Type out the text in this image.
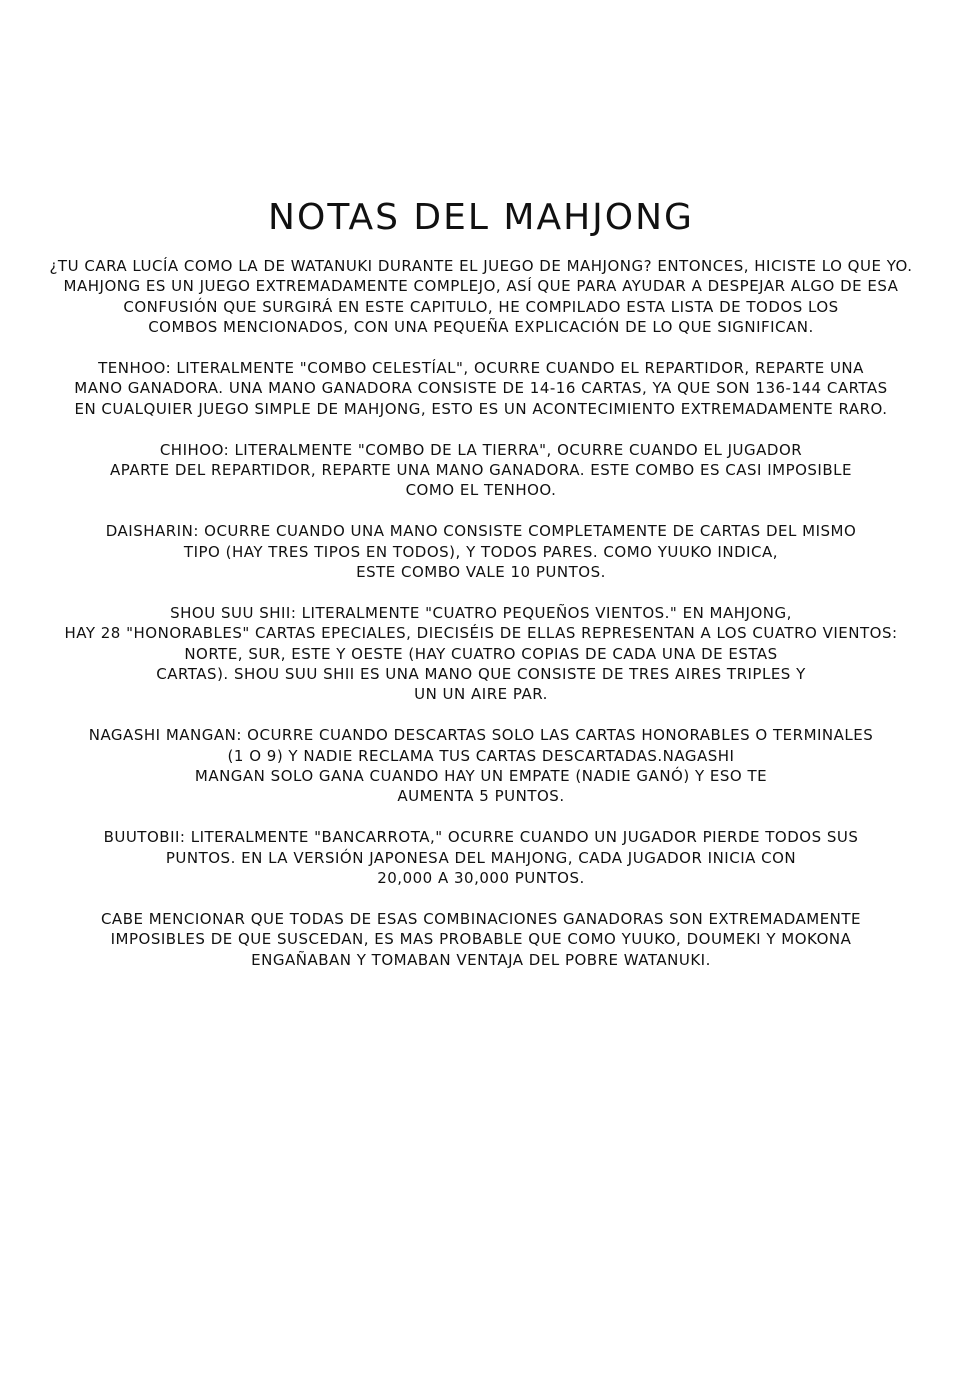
NOTAS DEL MAHJONG

¿TU CARA LUCÍA COMO LA DE WATANUKI DURANTE EL JUEGO DE MAHJONG? ENTONCES, HICISTE LO QUE YO.
MAHJONG ES UN JUEGO EXTREMADAMENTE COMPLEJO, ASÍ QUE PARA AYUDAR A DESPEJAR ALGO DE ESA
CONFUSIÓN QUE SURGIRÁ EN ESTE CAPITULO, HE COMPILADO ESTA LISTA DE TODOS LOS
COMBOS MENCIONADOS, CON UNA PEQUEÑA EXPLICACIÓN DE LO QUE SIGNIFICAN.

TENHOO: LITERALMENTE "COMBO CELESTÍAL", OCURRE CUANDO EL REPARTIDOR, REPARTE UNA
MANO GANADORA. UNA MANO GANADORA CONSISTE DE 14-16 CARTAS, YA QUE SON 136-144 CARTAS
EN CUALQUIER JUEGO SIMPLE DE MAHJONG, ESTO ES UN ACONTECIMIENTO EXTREMADAMENTE RARO.

CHIHOO: LITERALMENTE "COMBO DE LA TIERRA", OCURRE CUANDO EL JUGADOR
APARTE DEL REPARTIDOR, REPARTE UNA MANO GANADORA. ESTE COMBO ES CASI IMPOSIBLE
COMO EL TENHOO.

DAISHARIN: OCURRE CUANDO UNA MANO CONSISTE COMPLETAMENTE DE CARTAS DEL MISMO
TIPO (HAY TRES TIPOS EN TODOS), Y TODOS PARES. COMO YUUKO INDICA,
ESTE COMBO VALE 10 PUNTOS.

SHOU SUU SHII: LITERALMENTE "CUATRO PEQUEÑOS VIENTOS." EN MAHJONG,
HAY 28 "HONORABLES" CARTAS EPECIALES, DIECISÉIS DE ELLAS REPRESENTAN A LOS CUATRO VIENTOS:
NORTE, SUR, ESTE Y OESTE (HAY CUATRO COPIAS DE CADA UNA DE ESTAS
CARTAS). SHOU SUU SHII ES UNA MANO QUE CONSISTE DE TRES AIRES TRIPLES Y
UN UN AIRE PAR.

NAGASHI MANGAN: OCURRE CUANDO DESCARTAS SOLO LAS CARTAS HONORABLES O TERMINALES
(1 O 9) Y NADIE RECLAMA TUS CARTAS DESCARTADAS.NAGASHI
MANGAN SOLO GANA CUANDO HAY UN EMPATE (NADIE GANÓ) Y ESO TE
AUMENTA 5 PUNTOS.

BUUTOBII: LITERALMENTE "BANCARROTA," OCURRE CUANDO UN JUGADOR PIERDE TODOS SUS
PUNTOS. EN LA VERSIÓN JAPONESA DEL MAHJONG, CADA JUGADOR INICIA CON
20,000 A 30,000 PUNTOS.

CABE MENCIONAR QUE TODAS DE ESAS COMBINACIONES GANADORAS SON EXTREMADAMENTE
IMPOSIBLES DE QUE SUSCEDAN, ES MAS PROBABLE QUE COMO YUUKO, DOUMEKI Y MOKONA
ENGAÑABAN Y TOMABAN VENTAJA DEL POBRE WATANUKI.
